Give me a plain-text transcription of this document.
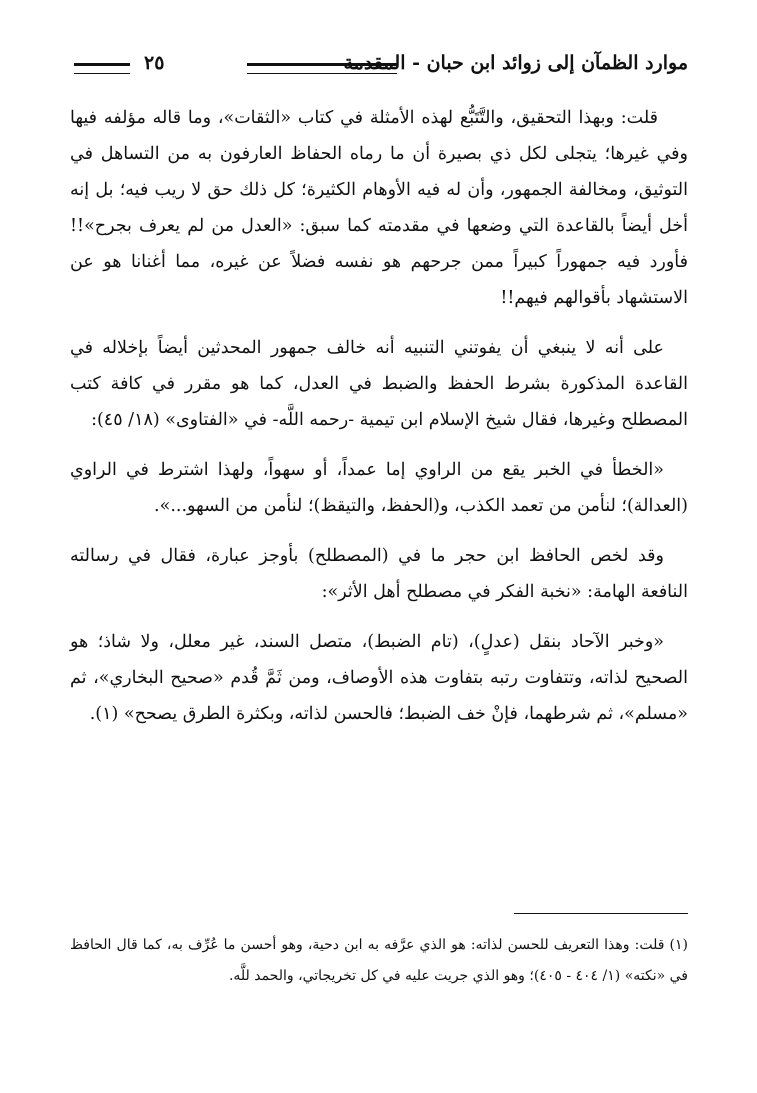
موارد الظمآن إلى زوائد ابن حبان - المقدمة
٢٥

قلت: وبهذا التحقيق، والتَّتَبُّع لهذه الأمثلة في كتاب «الثقات»، وما قاله مؤلفه فيها وفي غيرها؛ يتجلى لكل ذي بصيرة أن ما رماه الحفاظ العارفون به من التساهل في التوثيق، ومخالفة الجمهور، وأن له فيه الأوهام الكثيرة؛ كل ذلك حق لا ريب فيه؛ بل إنه أخل أيضاً بالقاعدة التي وضعها في مقدمته كما سبق: «العدل من لم يعرف بجرح»!! فأورد فيه جمهوراً كبيراً ممن جرحهم هو نفسه فضلاً عن غيره، مما أغنانا هو عن الاستشهاد بأقوالهم فيهم!!

على أنه لا ينبغي أن يفوتني التنبيه أنه خالف جمهور المحدثين أيضاً بإخلاله في القاعدة المذكورة بشرط الحفظ والضبط في العدل، كما هو مقرر في كافة كتب المصطلح وغيرها، فقال شيخ الإسلام ابن تيمية -رحمه اللَّه- في «الفتاوى» (١٨/ ٤٥):

«الخطأ في الخبر يقع من الراوي إما عمداً، أو سهواً، ولهذا اشترط في الراوي (العدالة)؛ لنأمن من تعمد الكذب، و(الحفظ، والتيقظ)؛ لنأمن من السهو...».

وقد لخص الحافظ ابن حجر ما في (المصطلح) بأوجز عبارة، فقال في رسالته النافعة الهامة: «نخبة الفكر في مصطلح أهل الأثر»:

«وخبر الآحاد بنقل (عدلٍ)، (تام الضبط)، متصل السند، غير معلل، ولا شاذ؛ هو الصحيح لذاته، وتتفاوت رتبه بتفاوت هذه الأوصاف، ومن ثَمَّ قُدم «صحيح البخاري»، ثم «مسلم»، ثم شرطهما، فإنْ خف الضبط؛ فالحسن لذاته، وبكثرة الطرق يصحح» (١).

(١) قلت: وهذا التعريف للحسن لذاته: هو الذي عرَّفه به ابن دحية، وهو أحسن ما عُرِّف به، كما قال الحافظ في «نكته» (١/ ٤٠٤ - ٤٠٥)؛ وهو الذي جريت عليه في كل تخريجاتي، والحمد للَّه.
